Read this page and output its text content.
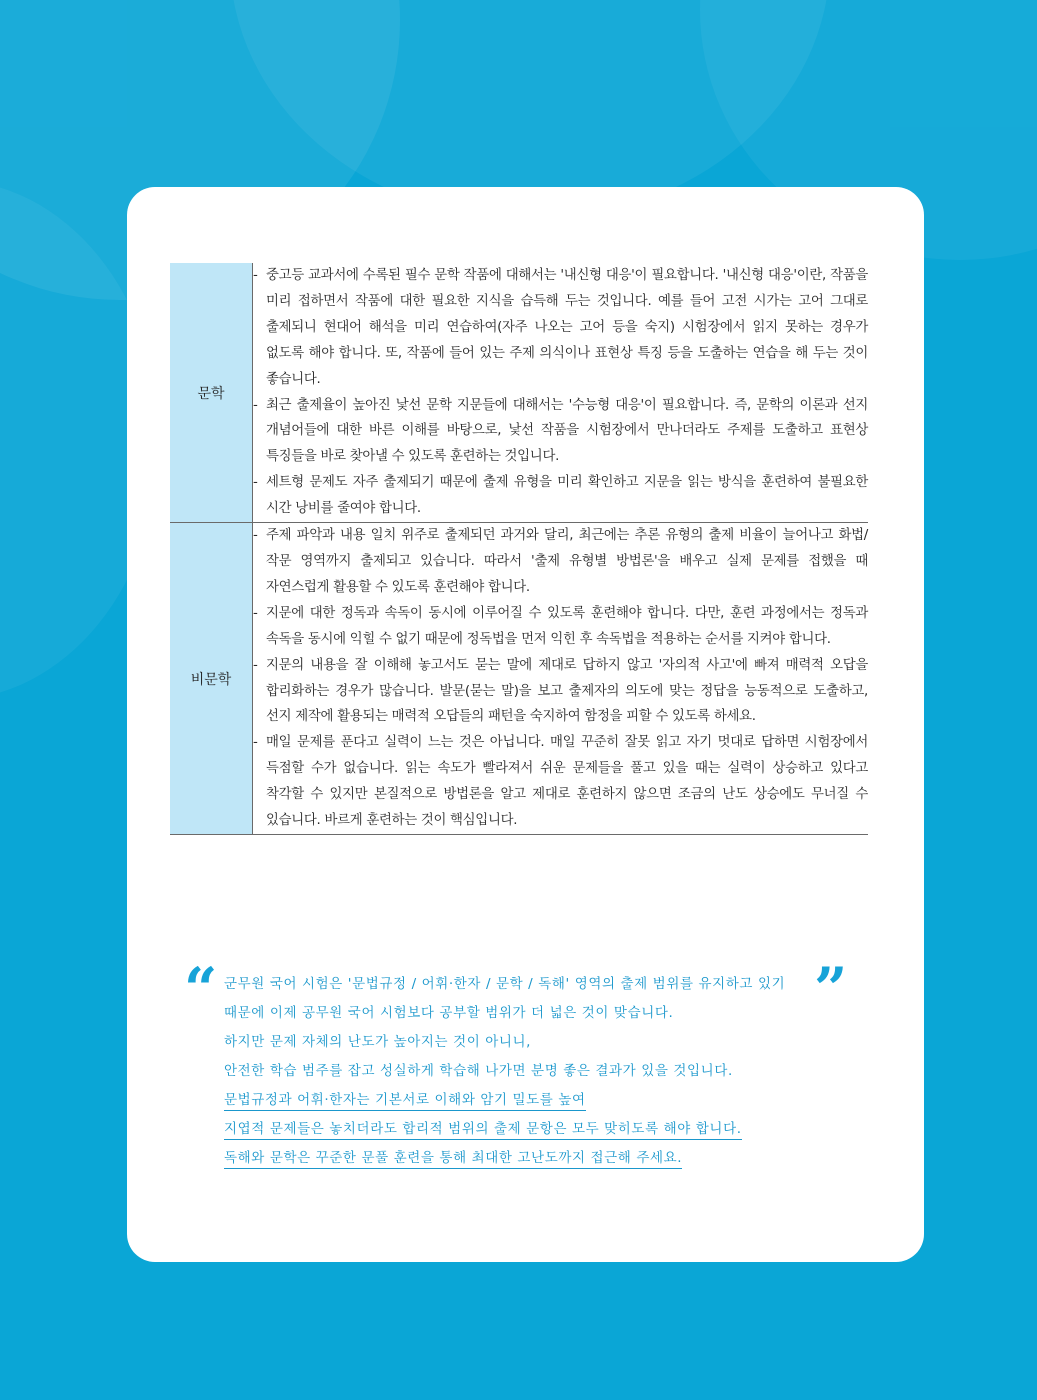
문학	- 중고등 교과서에 수록된 필수 문학 작품에 대해서는 '내신형 대응'이 필요합니다. '내신형 대응'이란, 작품을 미리 접하면서 작품에 대한 필요한 지식을 습득해 두는 것입니다. 예를 들어 고전 시가는 고어 그대로 출제되니 현대어 해석을 미리 연습하여(자주 나오는 고어 등을 숙지) 시험장에서 읽지 못하는 경우가 없도록 해야 합니다. 또, 작품에 들어 있는 주제 의식이나 표현상 특징 등을 도출하는 연습을 해 두는 것이 좋습니다.
- 최근 출제율이 높아진 낯선 문학 지문들에 대해서는 '수능형 대응'이 필요합니다. 즉, 문학의 이론과 선지 개념어들에 대한 바른 이해를 바탕으로, 낯선 작품을 시험장에서 만나더라도 주제를 도출하고 표현상 특징들을 바로 찾아낼 수 있도록 훈련하는 것입니다.
- 세트형 문제도 자주 출제되기 때문에 출제 유형을 미리 확인하고 지문을 읽는 방식을 훈련하여 불필요한 시간 낭비를 줄여야 합니다.

비문학	- 주제 파악과 내용 일치 위주로 출제되던 과거와 달리, 최근에는 추론 유형의 출제 비율이 늘어나고 화법/작문 영역까지 출제되고 있습니다. 따라서 '출제 유형별 방법론'을 배우고 실제 문제를 접했을 때 자연스럽게 활용할 수 있도록 훈련해야 합니다.
- 지문에 대한 정독과 속독이 동시에 이루어질 수 있도록 훈련해야 합니다. 다만, 훈련 과정에서는 정독과 속독을 동시에 익힐 수 없기 때문에 정독법을 먼저 익힌 후 속독법을 적용하는 순서를 지켜야 합니다.
- 지문의 내용을 잘 이해해 놓고서도 묻는 말에 제대로 답하지 않고 '자의적 사고'에 빠져 매력적 오답을 합리화하는 경우가 많습니다. 발문(묻는 말)을 보고 출제자의 의도에 맞는 정답을 능동적으로 도출하고, 선지 제작에 활용되는 매력적 오답들의 패턴을 숙지하여 함정을 피할 수 있도록 하세요.
- 매일 문제를 푼다고 실력이 느는 것은 아닙니다. 매일 꾸준히 잘못 읽고 자기 멋대로 답하면 시험장에서 득점할 수가 없습니다. 읽는 속도가 빨라져서 쉬운 문제들을 풀고 있을 때는 실력이 상승하고 있다고 착각할 수 있지만 본질적으로 방법론을 알고 제대로 훈련하지 않으면 조금의 난도 상승에도 무너질 수 있습니다. 바르게 훈련하는 것이 핵심입니다.
“	”
군무원 국어 시험은 '문법규정 / 어휘·한자 / 문학 / 독해' 영역의 출제 범위를 유지하고 있기
때문에 이제 공무원 국어 시험보다 공부할 범위가 더 넓은 것이 맞습니다.
하지만 문제 자체의 난도가 높아지는 것이 아니니,
안전한 학습 범주를 잡고 성실하게 학습해 나가면 분명 좋은 결과가 있을 것입니다.
문법규정과 어휘·한자는 기본서로 이해와 암기 밀도를 높여
지엽적 문제들은 놓치더라도 합리적 범위의 출제 문항은 모두 맞히도록 해야 합니다.
독해와 문학은 꾸준한 문풀 훈련을 통해 최대한 고난도까지 접근해 주세요.
